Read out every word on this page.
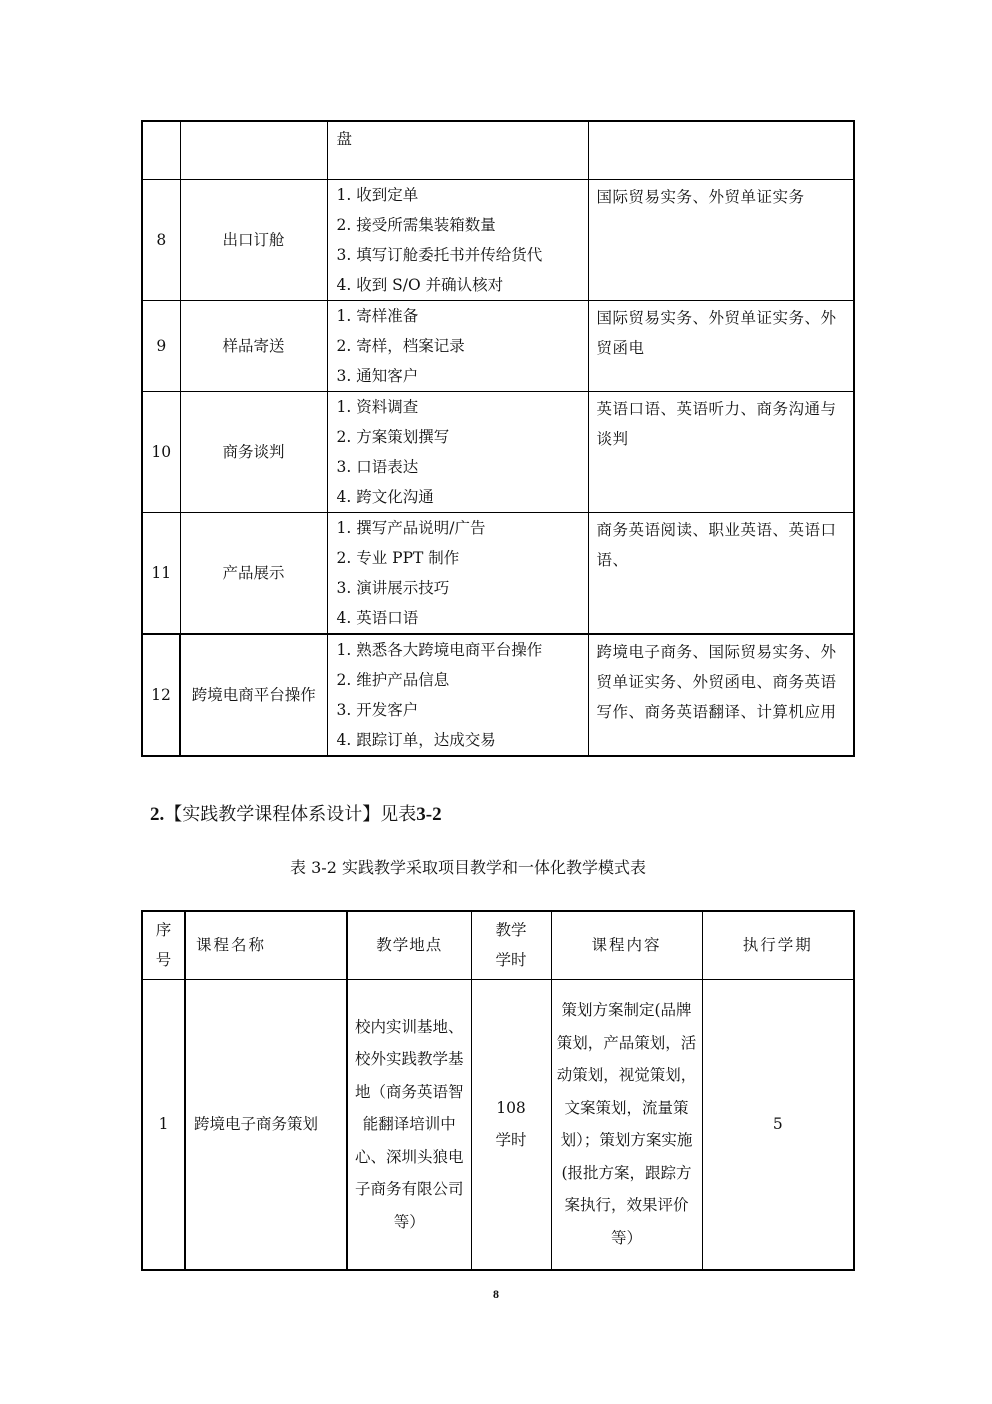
		盘	

8	出口订舱	1. 收到定单
2. 接受所需集装箱数量
3. 填写订舱委托书并传给货代
4. 收到 S/O 并确认核对	国际贸易实务、外贸单证实务
9	样品寄送	1. 寄样准备
2. 寄样，档案记录
3. 通知客户	国际贸易实务、外贸单证实务、外贸函电
10	商务谈判	1. 资料调查
2. 方案策划撰写
3. 口语表达
4. 跨文化沟通	英语口语、英语听力、商务沟通与谈判
11	产品展示	1. 撰写产品说明/广告
2. 专业 PPT 制作
3. 演讲展示技巧
4. 英语口语	商务英语阅读、职业英语、英语口语、
12	跨境电商平台操作	1. 熟悉各大跨境电商平台操作
2. 维护产品信息
3. 开发客户
4. 跟踪订单，达成交易	跨境电子商务、国际贸易实务、外贸单证实务、外贸函电、商务英语写作、商务英语翻译、计算机应用
2.【实践教学课程体系设计】见表3-2
表 3-2 实践教学采取项目教学和一体化教学模式表
序号	课程名称	教学地点	教学学时	课程内容	执行学期
1	跨境电子商务策划	校内实训基地、校外实践教学基地（商务英语智能翻译培训中心、深圳头狼电子商务有限公司等）	108学时	策划方案制定(品牌策划，产品策划，活动策划，视觉策划，文案策划，流量策划）；策划方案实施(报批方案，跟踪方案执行，效果评价等）	5
8
